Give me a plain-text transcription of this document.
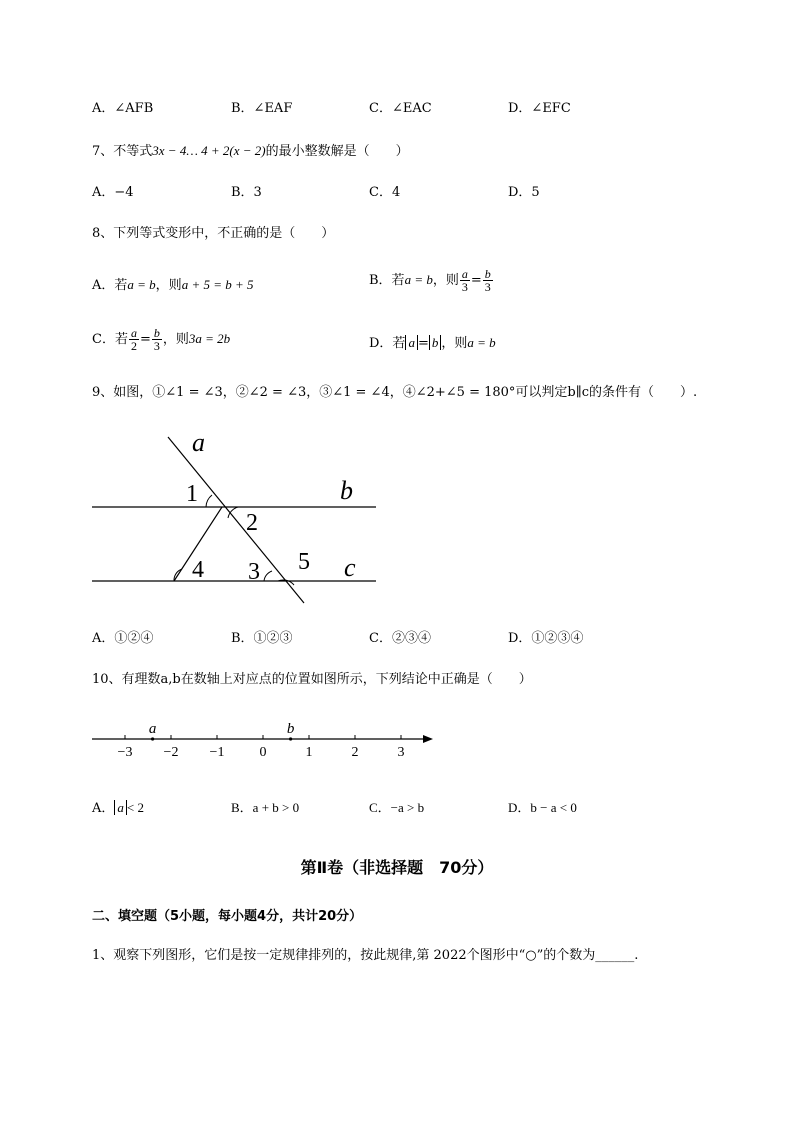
A．∠AFB	B．∠EAF	C．∠EAC	D．∠EFC
7、不等式3x − 4… 4 + 2(x − 2)的最小整数解是（　　）
A．−4	B．3	C．4	D．5
8、下列等式变形中，不正确的是（　　）
A．若a = b，则a + 5 = b + 5	B．若a = b，则 $\frac{a}{3} = \frac{b}{3}$
C．若 $\frac{a}{2} = \frac{b}{3}$ ，则3a = 2b	D．若 a = b ，则a = b
9、如图，①∠1 = ∠3，②∠2 = ∠3，③∠1 = ∠4，④∠2+∠5 = 180°可以判定b∥c的条件有（　　）.
a
b
c
1
2
4 3 5
A．①②④	B．①②③	C．②③④	D．①②③④
10、有理数a,b在数轴上对应点的位置如图所示，下列结论中正确是（　　）
−3 −2 −1	0	1	2	3
a	b
A． a < 2	B．a + b > 0	C．−a > b	D．b − a < 0
第Ⅱ卷（非选择题　70分）
二、填空题（5小题，每小题4分，共计20分）
1、观察下列图形，它们是按一定规律排列的，按此规律,第 2022个图形中“○”的个数为______.
